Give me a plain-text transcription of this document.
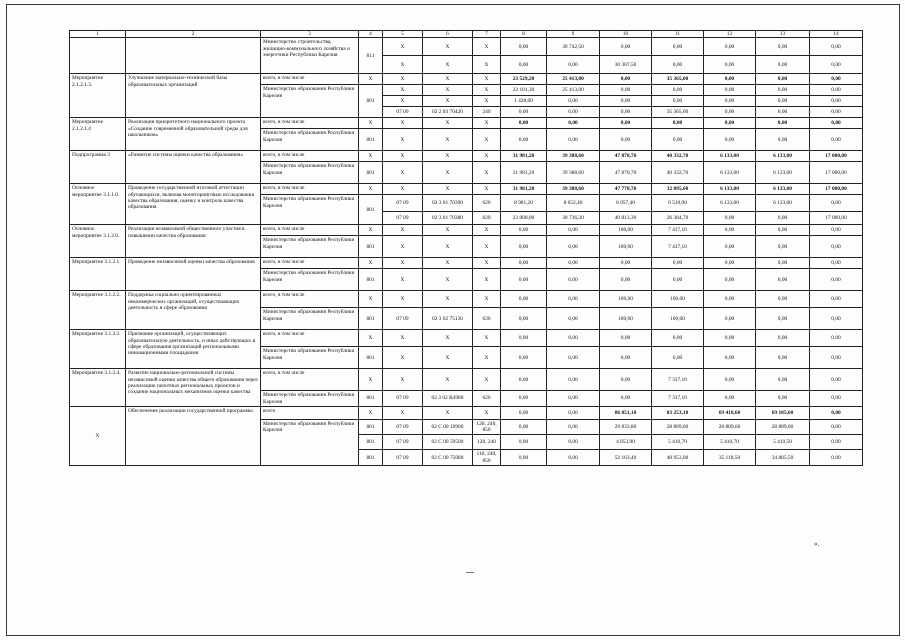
1	2	3	4	5	6	7	8	9	10	11	12	13	14
		Министерство строительства, жилищно-коммунального хозяйства и энергетики Республики Карелия	811	X	X	X	0,00	30 742,50	0,00	0,00	0,00	0,00	0,00
				X	X	X	0,00	0,00	30 307,50	0,00	0,00	0,00	0,00
Мероприятие 2.1.2.1.3.	Улучшение материально-технической базы образовательных организаций	всего, в том числе	X	X	X	X	23 529,20	25 413,00	0,00	35 365,00	0,00	0,00	0,00
		Министерство образования Республики Карелия	801	X	X	X	22 101,30	25 413,00	0,00	0,00	0,00	0,00	0,00
				X	X	X	1 428,00	0,00	0,00	0,00	0,00	0,00	0,00
				07 09	02 2 03 70420	240	0,00	0,00	0,00	35 365,00	0,00	0,00	0,00
Мероприятие 2.1.2.1.4	Реализация приоритетного национального проекта «Создание современной образовательной среды для школьников»	всего, в том числе	X	X	X	X	0,00	0,00	0,00	0,00	0,00	0,00	0,00
		Министерство образования Республики Карелия	801	X	X	X	0,00	0,00	0,00	0,00	0,00	0,00	0,00
Подпрограмма 3	«Развитие системы оценки качества образования»	всего, в том числе	X	X	X	X	31 981,20	39 388,60	47 870,70	40 332,70	6 133,00	6 133,00	17 000,00
		Министерство образования Республики Карелия	801	X	X	X	31 981,20	39 388,60	47 870,70	40 332,70	6 133,00	6 133,00	17 000,00
Основное мероприятие 3.1.1.0.	Проведение государственной итоговой аттестации обучающихся, включая мониторинговые исследования качества образования, оценку и контроль качества образования	всего, в том числе	X	X	X	X	31 981,20	39 388,60	47 770,70	32 895,60	6 133,00	6 133,00	17 000,00
		Министерство образования Республики Карелия	801	07 09	02 3 01 70390	620	8 981,20	8 652,40	6 957,40	6 510,90	6 133,00	6 133,00	0,00
				07 09	02 3 01 70380	620	23 000,00	30 736,20	40 813,30	26 384,70	0,00	0,00	17 000,00
Основное мероприятие 3.1.2.0.	Реализация независимой общественного участия в повышении качества образования	всего, в том числе	X	X	X	X	0,00	0,00	100,00	7 437,10	0,00	0,00	0,00
		Министерство образования Республики Карелия	801	X	X	X	0,00	0,00	100,00	7 437,10	0,00	0,00	0,00
Мероприятие 3.1.2.1.	Проведение независимой оценки качества образования	всего, в том числе	X	X	X	X	0,00	0,00	0,00	0,00	0,00	0,00	0,00
		Министерство образования Республики Карелия	801	X	X	X	0,00	0,00	0,00	0,00	0,00	0,00	0,00
Мероприятие 3.1.2.2.	Поддержка социально ориентированных некоммерческих организаций, осуществляющих деятельность в сфере образования	всего, в том числе	X	X	X	X	0,00	0,00	100,00	100,00	0,00	0,00	0,00
		Министерство образования Республики Карелия	801	07 09	02 3 02 75130	630	0,00	0,00	100,00	100,00	0,00	0,00	0,00
Мероприятие 3.1.2.3.	Признание организаций, осуществляющих образовательную деятельность, и иных действующих в сфере образования организаций региональными инновационными площадками	всего, в том числе	X	X	X	X	0,00	0,00	0,00	0,00	0,00	0,00	0,00
		Министерство образования Республики Карелия	801	X	X	X	0,00	0,00	0,00	0,00	0,00	0,00	0,00
Мероприятие 3.1.2.4.	Развитие национально-региональной системы независимой оценки качества общего образования через реализацию пилотных региональных проектов и создание национальных механизмов оценки качества	всего, в том числе	X	X	X	X	0,00	0,00	0,00	7 337,10	0,00	0,00	0,00
		Министерство образования Республики Карелия	801	07 09	02 3 02 R4980	620	0,00	0,00	0,00	7 337,10	0,00	0,00	0,00
X	Обеспечение реализации государственной программы	всего	X	X	X	X	0,00	0,00	86 851,10	83 253,10	69 418,60	69 185,60	0,00
		Министерство образования Республики Карелия	801	07 09	02 С 00 10900	120, 240, 850	0,00	0,00	29 833,80	28 889,60	28 889,60	28 889,60	0,00
			801	07 09	02 С 00 59500	120, 240	0,00	0,00	4 853,90	5 410,70	5 410,70	5 410,50	0,00
			801	07 09	02 С 00 75080	110, 240, 850	0,00	0,00	52 163,40	48 953,00	35 118,50	34 885,50	0,00
».
